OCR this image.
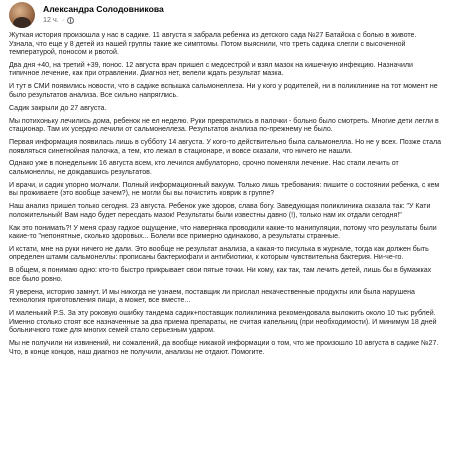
Александра Солодовникова
12 ч. ·

Жуткая история произошла у нас в садике. 11 августа я забрала ребенка из детского сада №27 Батайска с болью в животе. Узнала, что еще у 8 детей из нашей группы такие же симптомы. Потом выяснили, что треть садика слегли с высоченной температурой, поносом и рвотой.

Два дня +40, на третий +39, понос. 12 августа врач пришел с медсестрой и взял мазок на кишечную инфекцию. Назначили типичное лечение, как при отравлении. Диагноз нет, велели ждать результат мазка.

И тут в СМИ появились новости, что в садике вспышка сальмонеллеза. Ни у кого у родителей, ни в поликлинике на тот момент не было результатов анализа. Все сильно напряглись.

Садик закрыли до 27 августа.

Мы потихоньку лечились дома, ребенок не ел неделю. Руки превратились в палочки - больно было смотреть. Многие дети легли в стационар. Там их усердно лечили от сальмонеллеза. Результатов анализа по-прежнему не было.

Первая информация появилась лишь в субботу 14 августа. У кого-то действительно была сальмонелла. Но не у всех. Позже стала появляться синегнойная палочка, а тем, кто лежал в стационаре, и вовсе сказали, что ничего не нашли.

Однако уже в понедельник 16 августа всем, кто лечился амбулаторно, срочно поменяли лечение. Нас стали лечить от сальмонеллы, не дождавшись результатов.

И врачи, и садик упорно молчали. Полный информационный вакуум. Только лишь требования: пишите о состоянии ребенка, с кем вы проживаете (это вообще зачем?), не могли бы вы почистить коврик в группе?

Наш анализ пришел только сегодня. 23 августа. Ребенок уже здоров, слава богу. Заведующая поликлиника сказала так: "У Кати положительный! Вам надо будет пересдать мазок! Результаты были известны давно (!), только нам их отдали сегодня!"

Как это понимать?! У меня сразу гадкое ощущение, что наверняка проводили какие-то манипуляции, потому что результаты были какие-то "непонятные, сколько здоровых... Болели все примерно одинаково, а результаты странные.

И кстати, мне на руки ничего не дали. Это вообще не результат анализа, а какая-то писулька в журнале, тогда как должен быть определен штамм сальмонеллы: прописаны бактериофаги и антибиотики, к которым чувствительна бактерия. Ни-че-го.

В общем, я понимаю одно: кто-то быстро прикрывает свои пятые точки. Ни кому, как так, там лечить детей, лишь бы в бумажках все было ровно.

Я уверена, историю замнут. И мы никогда не узнаем, поставщик ли прислал некачественные продукты или была нарушена технология приготовления пищи, а может, все вместе...

И маленький P.S. За эту роковую ошибку тандема садик+поставщик поликлиника рекомендовала выложить около 10 тыс рублей. Именно столько стоят все назначенные за два приема препараты, не считая капельниц (при необходимости). И минимум 18 дней больничного тоже для многих семей стало серьезным ударом.

Мы не получили ни извинений, ни сожалений, да вообще никакой информации о том, что же произошло 10 августа в садике №27. Что, в конце концов, наш диагноз не получили, анализы не отдают. Помогите.
